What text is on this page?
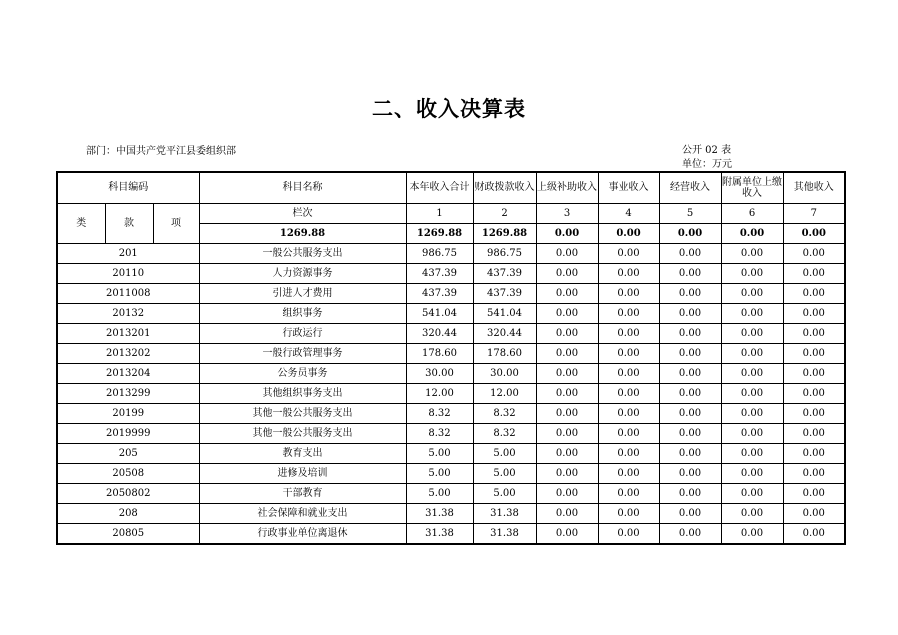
二、收入决算表
部门：中国共产党平江县委组织部	公开 02 表
单位：万元
科目编码			科目名称	本年收入合计	财政拨款收入	上级补助收入	事业收入	经营收入	附属单位上缴收入	其他收入
类	款	项	栏次	1	2	3	4	5	6	7
			1269.88	1269.88	1269.88	0.00	0.00	0.00	0.00	0.00
201			一般公共服务支出	986.75	986.75	0.00	0.00	0.00	0.00	0.00
20110			人力资源事务	437.39	437.39	0.00	0.00	0.00	0.00	0.00
2011008			引进人才费用	437.39	437.39	0.00	0.00	0.00	0.00	0.00
20132			组织事务	541.04	541.04	0.00	0.00	0.00	0.00	0.00
2013201			行政运行	320.44	320.44	0.00	0.00	0.00	0.00	0.00
2013202			一般行政管理事务	178.60	178.60	0.00	0.00	0.00	0.00	0.00
2013204			公务员事务	30.00	30.00	0.00	0.00	0.00	0.00	0.00
2013299			其他组织事务支出	12.00	12.00	0.00	0.00	0.00	0.00	0.00
20199			其他一般公共服务支出	8.32	8.32	0.00	0.00	0.00	0.00	0.00
2019999			其他一般公共服务支出	8.32	8.32	0.00	0.00	0.00	0.00	0.00
205			教育支出	5.00	5.00	0.00	0.00	0.00	0.00	0.00
20508			进修及培训	5.00	5.00	0.00	0.00	0.00	0.00	0.00
2050802			干部教育	5.00	5.00	0.00	0.00	0.00	0.00	0.00
208			社会保障和就业支出	31.38	31.38	0.00	0.00	0.00	0.00	0.00
20805			行政事业单位离退休	31.38	31.38	0.00	0.00	0.00	0.00	0.00
